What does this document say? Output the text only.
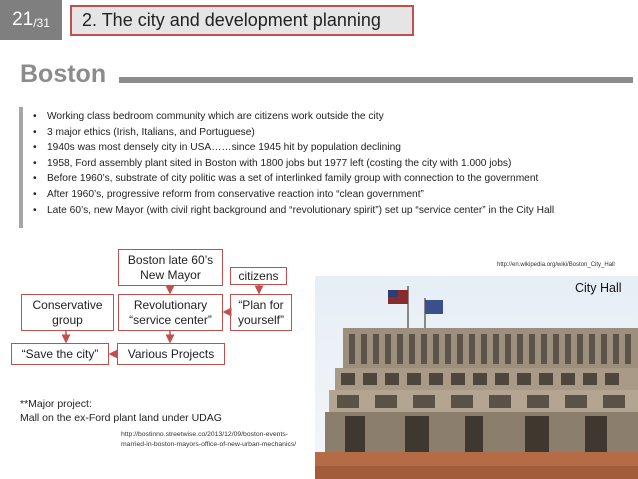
21 /31 2. The city and development planning
Boston
• Working class bedroom community which are citizens work outside the city
• 3 major ethics (Irish, Italians, and Portuguese)
• 1940s was most densely city in USA……since 1945 hit by population declining
• 1958, Ford assembly plant sited in Boston with 1800 jobs but 1977 left (costing the city with 1.000 jobs)
• Before 1960’s, substrate of city politic was a set of interlinked family group with connection to the government
• After 1960’s, progressive reform from conservative reaction into “clean government”
• Late 60’s, new Mayor (with civil right background and “revolutionary spirit”) set up “service center” in the City Hall
Boston late 60’s
New Mayor	citizens
Conservative
group
Revolutionary
“service center”
“Plan for
yourself”
“Save the city” Various Projects
**Major project:
Mall on the ex-Ford plant land under UDAG
http://en.wikipedia.org/wiki/Boston_City_Hall
http://bostinno.streetwise.co/2013/12/09/boston-events-
married-in-boston-mayors-office-of-new-urban-mechanics/
City Hall
